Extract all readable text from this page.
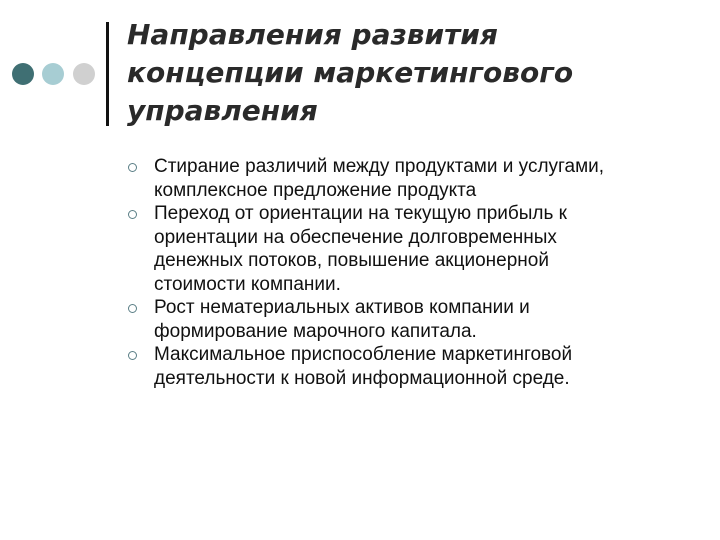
Направления развития
концепции маркетингового
управления
Стирание различий между продуктами и услугами,
комплексное предложение продукта
Переход от ориентации на текущую прибыль к
ориентации на обеспечение долговременных
денежных потоков, повышение акционерной
стоимости компании.
Рост нематериальных активов компании и
формирование марочного капитала.
Максимальное приспособление маркетинговой
деятельности к новой информационной среде.
